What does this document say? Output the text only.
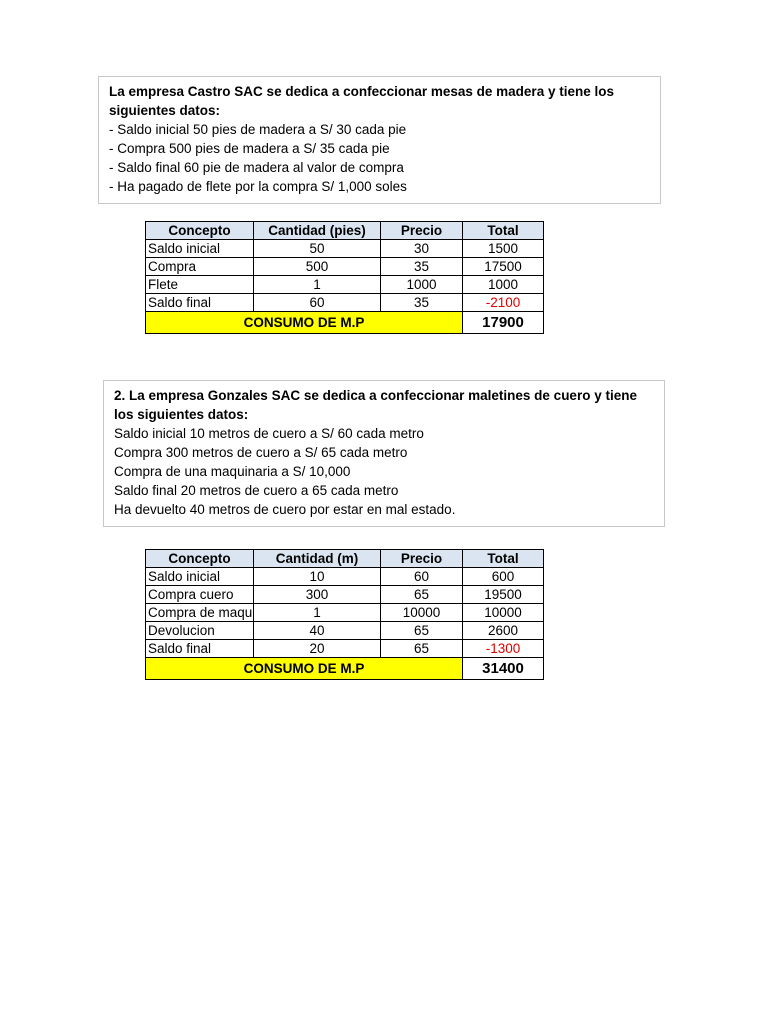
La empresa Castro SAC se dedica a confeccionar mesas de madera y tiene los siguientes datos:
- Saldo inicial 50 pies de madera a S/ 30 cada pie
- Compra 500 pies de madera a S/ 35 cada pie
- Saldo final 60 pie de madera al valor de compra
- Ha pagado de flete por la compra S/ 1,000 soles
Concepto	Cantidad (pies)	Precio	Total
Saldo inicial	50	30	1500
Compra	500	35	17500
Flete	1	1000	1000
Saldo final	60	35	-2100
CONSUMO DE M.P			17900
2. La empresa Gonzales SAC se dedica a confeccionar maletines de cuero y tiene los siguientes datos:
Saldo inicial 10 metros de cuero a S/ 60 cada metro
Compra 300 metros de cuero a S/ 65 cada metro
Compra de una maquinaria a S/ 10,000
Saldo final 20 metros de cuero a 65 cada metro
Ha devuelto 40 metros de cuero por estar en mal estado.
Concepto	Cantidad (m)	Precio	Total
Saldo inicial	10	60	600
Compra cuero	300	65	19500
Compra de maqu	1	10000	10000
Devolucion	40	65	2600
Saldo final	20	65	-1300
CONSUMO DE M.P			31400
